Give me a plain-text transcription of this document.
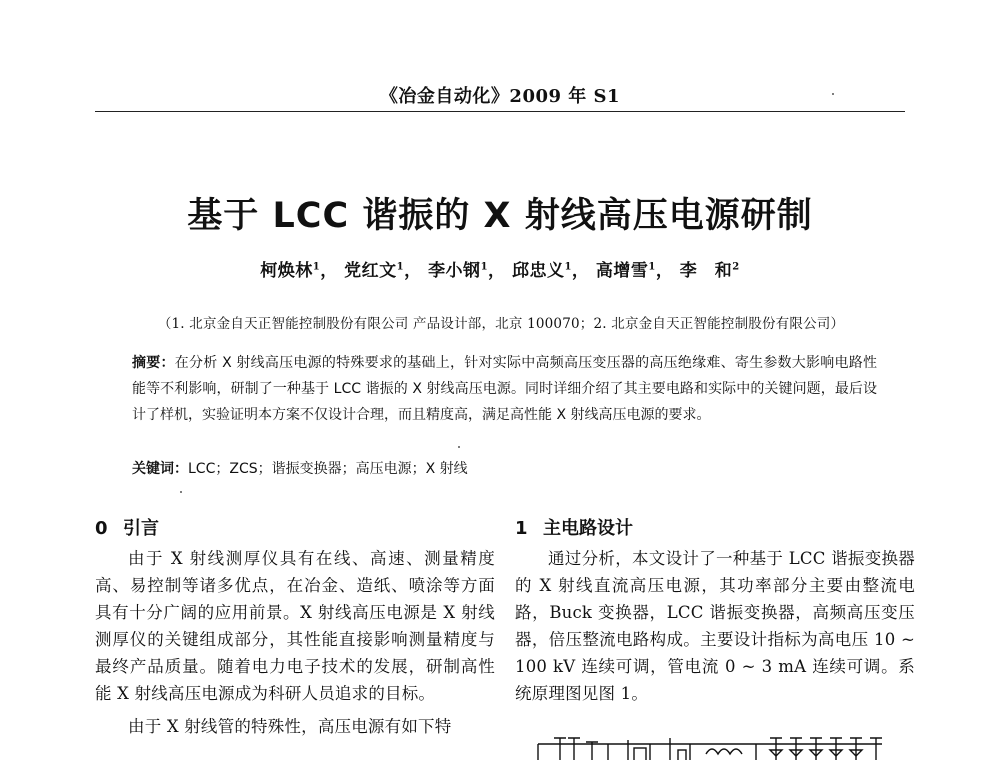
《冶金自动化》2009 年 S1
基于 LCC 谐振的 X 射线高压电源研制
柯焕林$^1$， 党红文$^1$， 李小钢$^1$， 邱忠义$^1$， 高增雪$^1$， 李　和$^2$
（1. 北京金自天正智能控制股份有限公司 产品设计部，北京 100070；2. 北京金自天正智能控制股份有限公司）
摘要：在分析 X 射线高压电源的特殊要求的基础上，针对实际中高频高压变压器的高压绝缘难、寄生参数大影响电路性能等不利影响，研制了一种基于 LCC 谐振的 X 射线高压电源。同时详细介绍了其主要电路和实际中的关键问题，最后设计了样机，实验证明本方案不仅设计合理，而且精度高，满足高性能 X 射线高压电源的要求。
关键词：LCC；ZCS；谐振变换器；高压电源；X 射线
0 引言

由于 X 射线测厚仪具有在线、高速、测量精度高、易控制等诸多优点，在冶金、造纸、喷涂等方面具有十分广阔的应用前景。X 射线高压电源是 X 射线测厚仪的关键组成部分，其性能直接影响测量精度与最终产品质量。随着电力电子技术的发展，研制高性能 X 射线高压电源成为科研人员追求的目标。

由于 X 射线管的特殊性，高压电源有如下特

1 主电路设计

通过分析，本文设计了一种基于 LCC 谐振变换器的 X 射线直流高压电源，其功率部分主要由整流电路，Buck 变换器，LCC 谐振变换器，高频高压变压器，倍压整流电路构成。主要设计指标为高电压 10 ~ 100 kV 连续可调，管电流 0 ~ 3 mA 连续可调。系统原理图见图 1。
